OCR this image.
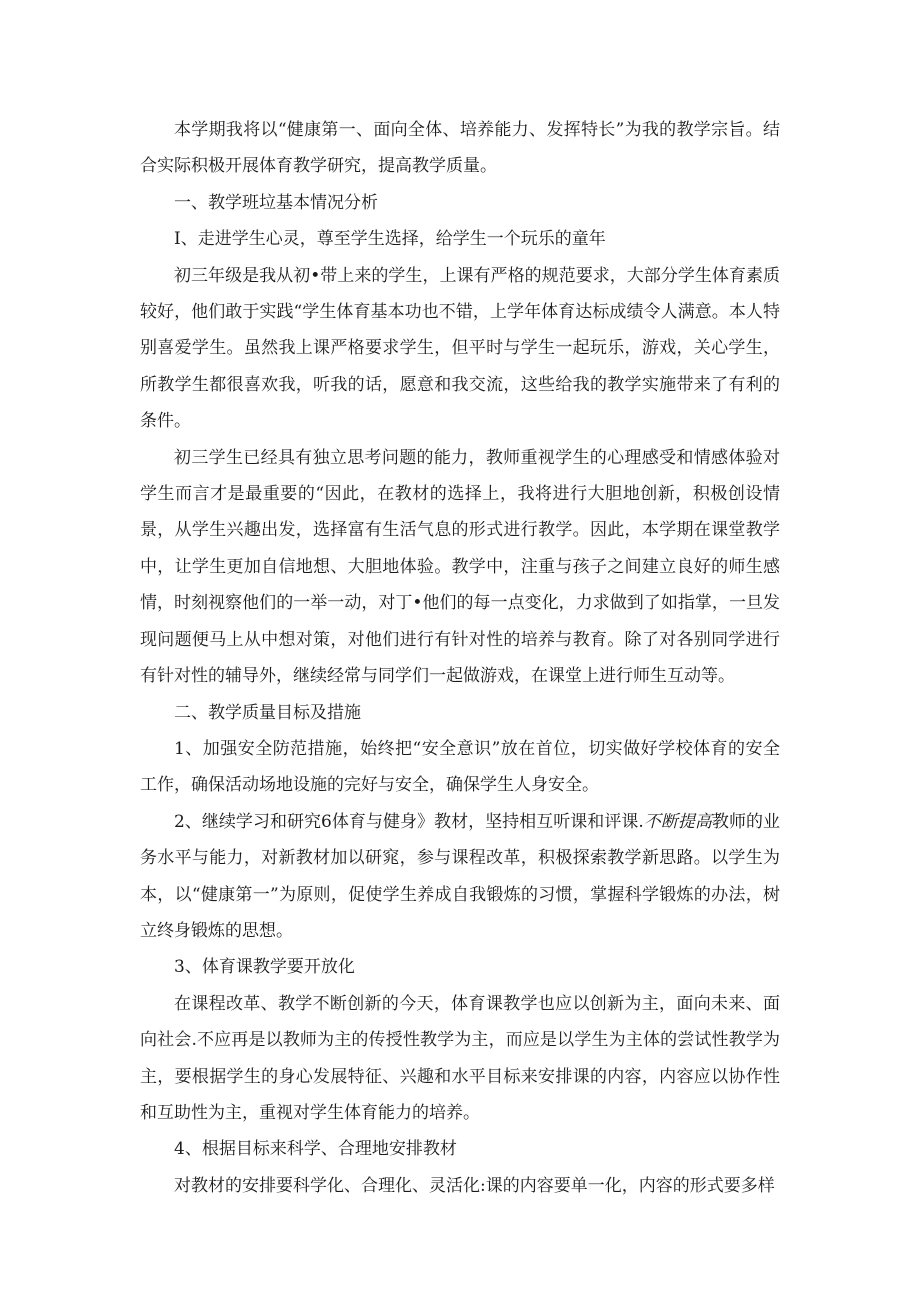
本学期我将以“健康第一、面向全体、培养能力、发挥特长”为我的教学宗旨。结合实际积极开展体育教学研究，提高教学质量。

一、教学班垃基本情况分析

I、走进学生心灵，尊至学生选择，给学生一个玩乐的童年

初三年级是我从初•带上来的学生，上课有严格的规范要求，大部分学生体育素质较好，他们敢于实践“学生体育基本功也不错，上学年体育达标成绩令人满意。本人特别喜爱学生。虽然我上课严格要求学生，但平时与学生一起玩乐，游戏，关心学生，所教学生都很喜欢我，听我的话，愿意和我交流，这些给我的教学实施带来了有利的条件。

初三学生已经具有独立思考问题的能力，教师重视学生的心理感受和情感体验对学生而言才是最重要的“因此，在教材的选择上，我将进行大胆地创新，积极创设情景，从学生兴趣出发，选择富有生活气息的形式进行教学。因此，本学期在课堂教学中，让学生更加自信地想、大胆地体验。教学中，注重与孩子之间建立良好的师生感情，时刻视察他们的一举一动，对丁•他们的每一点变化，力求做到了如指掌，一旦发现问题便马上从中想对策，对他们进行有针对性的培养与教育。除了对各别同学进行有针对性的辅导外，继续经常与同学们一起做游戏，在课堂上进行师生互动等。

二、教学质量目标及措施

1、加强安全防范措施，始终把“安全意识”放在首位，切实做好学校体育的安全工作，确保活动场地设施的完好与安全，确保学生人身安全。

2、继续学习和研究6体育与健身》教材，坚持相互听课和评课.不断提高教师的业务水平与能力，对新教材加以研窕，参与课程改革，积极探索教学新思路。以学生为本，以“健康第一”为原则，促使学生养成自我锻炼的习惯，掌握科学锻炼的办法，树立终身锻炼的思想。

3、体育课教学要开放化

在课程改革、教学不断创新的今天，体育课教学也应以创新为主，面向未来、面向社会.不应再是以教师为主的传授性教学为主，而应是以学生为主体的尝试性教学为主，要根据学生的身心发展特征、兴趣和水平目标来安排课的内容，内容应以协作性和互助性为主，重视对学生体育能力的培养。

4、根据目标来科学、合理地安排教材

对教材的安排要科学化、合理化、灵活化:课的内容要单一化，内容的形式要多样
